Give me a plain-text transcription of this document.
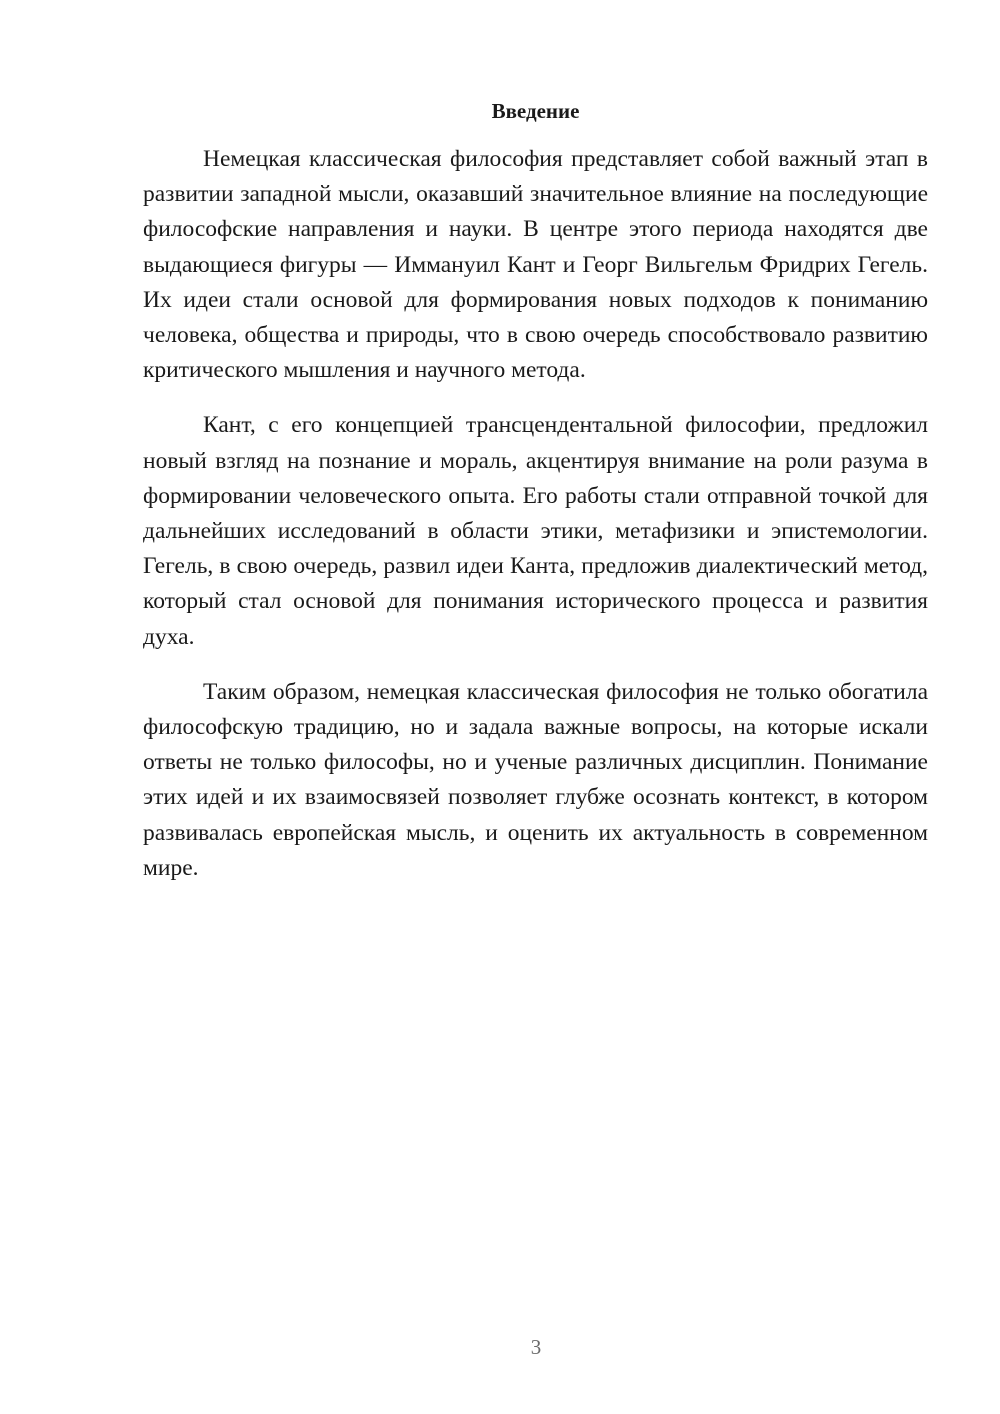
Введение

Немецкая классическая философия представляет собой важный этап в развитии западной мысли, оказавший значительное влияние на последующие философские направления и науки. В центре этого периода находятся две выдающиеся фигуры — Иммануил Кант и Георг Вильгельм Фридрих Гегель. Их идеи стали основой для формирования новых подходов к пониманию человека, общества и природы, что в свою очередь способствовало развитию критического мышления и научного метода.

Кант, с его концепцией трансцендентальной философии, предложил новый взгляд на познание и мораль, акцентируя внимание на роли разума в формировании человеческого опыта. Его работы стали отправной точкой для дальнейших исследований в области этики, метафизики и эпистемологии. Гегель, в свою очередь, развил идеи Канта, предложив диалектический метод, который стал основой для понимания исторического процесса и развития духа.

Таким образом, немецкая классическая философия не только обогатила философскую традицию, но и задала важные вопросы, на которые искали ответы не только философы, но и ученые различных дисциплин. Понимание этих идей и их взаимосвязей позволяет глубже осознать контекст, в котором развивалась европейская мысль, и оценить их актуальность в современном мире.

3
